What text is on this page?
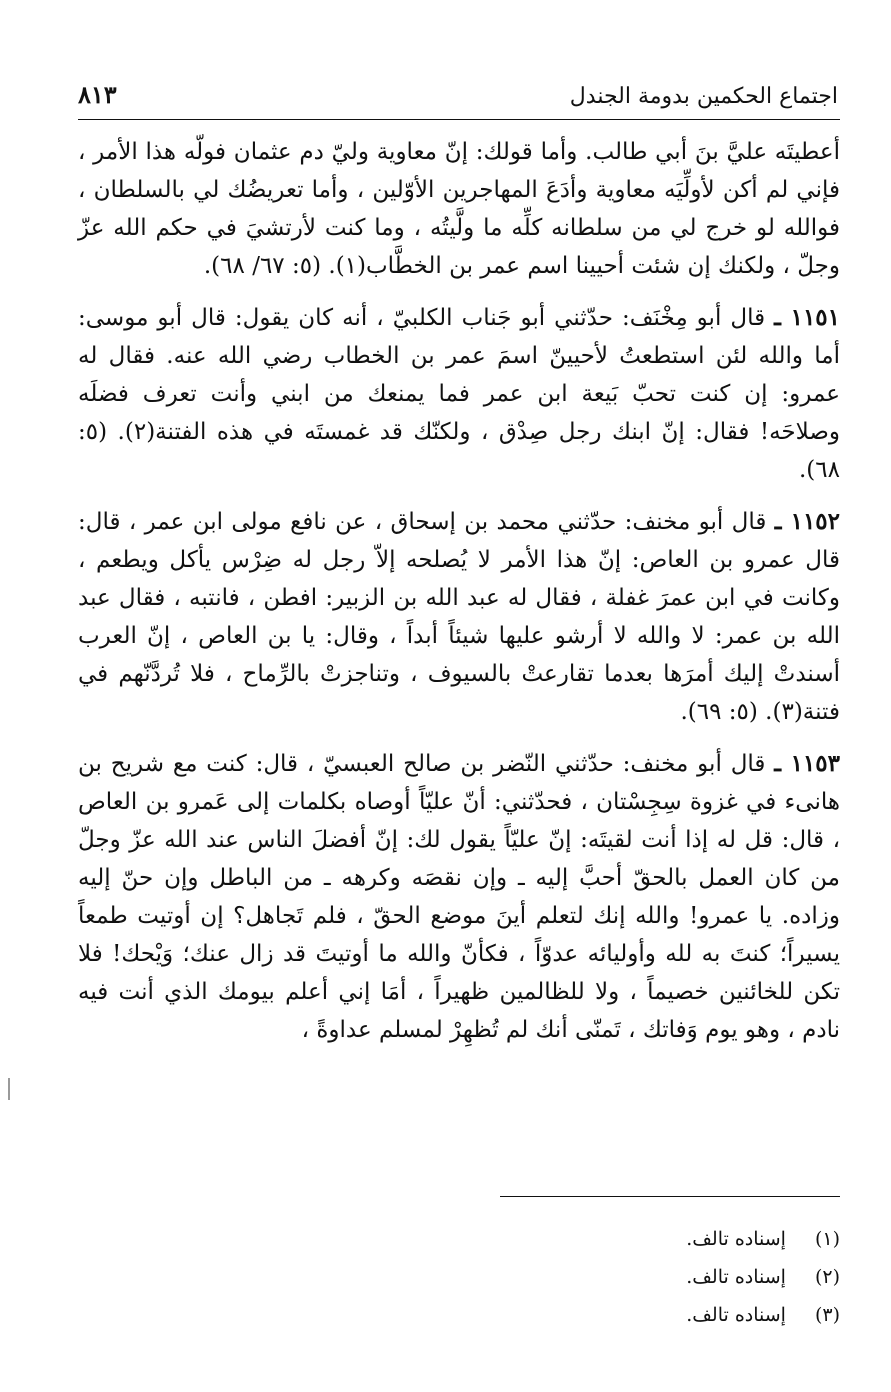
اجتماع الحكمين بدومة الجندل
٨١٣

أعطيتَه عليَّ بنَ أبي طالب. وأما قولك: إنّ معاوية وليّ دم عثمان فولّه هذا الأمر ، فإني لم أكن لأولِّيَه معاوية وأدَعَ المهاجرين الأوّلين ، وأما تعريضُك لي بالسلطان ، فوالله لو خرج لي من سلطانه كلِّه ما ولَّيتُه ، وما كنت لأرتشيَ في حكم الله عزّ وجلّ ، ولكنك إن شئت أحيينا اسم عمر بن الخطَّاب(١). (٥: ٦٧/ ٦٨).

١١٥١ ـ قال أبو مِخْنَف: حدّثني أبو جَناب الكلبيّ ، أنه كان يقول: قال أبو موسى: أما والله لئن استطعتُ لأحيينّ اسمَ عمر بن الخطاب رضي الله عنه. فقال له عمرو: إن كنت تحبّ بَيعة ابن عمر فما يمنعك من ابني وأنت تعرف فضلَه وصلاحَه! فقال: إنّ ابنك رجل صِدْق ، ولكنّك قد غمستَه في هذه الفتنة(٢). (٥: ٦٨).

١١٥٢ ـ قال أبو مخنف: حدّثني محمد بن إسحاق ، عن نافع مولى ابن عمر ، قال: قال عمرو بن العاص: إنّ هذا الأمر لا يُصلحه إلاّ رجل له ضِرْس يأكل ويطعم ، وكانت في ابن عمرَ غفلة ، فقال له عبد الله بن الزبير: افطن ، فانتبه ، فقال عبد الله بن عمر: لا والله لا أرشو عليها شيئاً أبداً ، وقال: يا بن العاص ، إنّ العرب أسندتْ إليك أمرَها بعدما تقارعتْ بالسيوف ، وتناجزتْ بالرِّماح ، فلا تُردَّنّهم في فتنة(٣). (٥: ٦٩).

١١٥٣ ـ قال أبو مخنف: حدّثني النّضر بن صالح العبسيّ ، قال: كنت مع شريح بن هانىء في غزوة سِجِسْتان ، فحدّثني: أنّ عليّاً أوصاه بكلمات إلى عَمرو بن العاص ، قال: قل له إذا أنت لقيتَه: إنّ عليّاً يقول لك: إنّ أفضلَ الناس عند الله عزّ وجلّ من كان العمل بالحقّ أحبَّ إليه ـ وإن نقصَه وكرهه ـ من الباطل وإن حنّ إليه وزاده. يا عمرو! والله إنك لتعلم أينَ موضع الحقّ ، فلم تَجاهل؟ إن أوتيت طمعاً يسيراً؛ كنتَ به لله وأوليائه عدوّاً ، فكأنّ والله ما أوتيتَ قد زال عنك؛ وَيْحك! فلا تكن للخائنين خصيماً ، ولا للظالمين ظهيراً ، أمَا إني أعلم بيومك الذي أنت فيه نادم ، وهو يوم وَفاتك ، تَمنّى أنك لم تُظهِرْ لمسلم عداوةً ،

(١) إسناده تالف.

(٢) إسناده تالف.

(٣) إسناده تالف.
